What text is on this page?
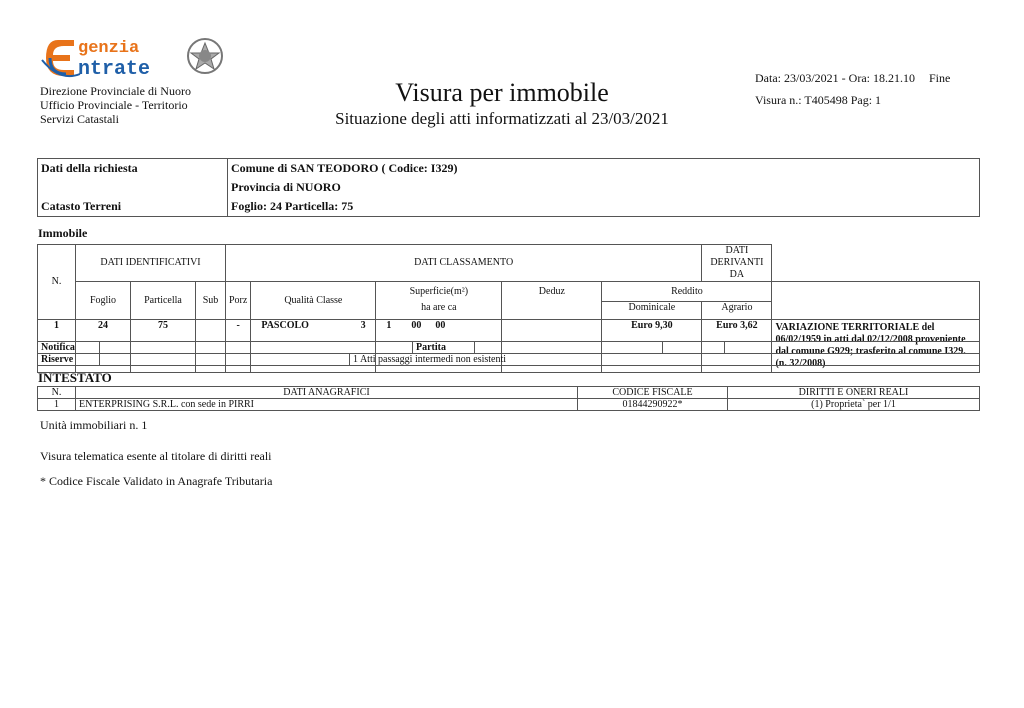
genzia
ntrate
Direzione Provinciale di Nuoro
Ufficio Provinciale - Territorio
Servizi Catastali
Visura per immobile
Situazione degli atti informatizzati al 23/03/2021
Data: 23/03/2021 - Ora: 18.21.10 Fine
Visura n.: T405498 Pag: 1
Dati della richiesta	Comune di SAN TEODORO ( Codice: I329)
	Provincia di NUORO
Catasto Terreni	Foglio: 24 Particella: 75
Immobile
N.	DATI IDENTIFICATIVI			DATI CLASSAMENTO						DATI DERIVANTI DA	
	Foglio	Particella	Sub	Porz	Qualità Classe		Superficie(m²)	Deduz	Reddito		
							ha are ca		Dominicale	Agrario	
1	24	75		-	PASCOLO	3	1 00 00		Euro 9,30	Euro 3,62	VARIAZIONE TERRITORIALE del 06/02/1959 in atti dal 02/12/2008 proveniente dal comune G929; trasferito al comune I329. (n. 32/2008)
Notifica			Partita			
Riserve		1 Atti passaggi intermedi non esistenti				
INTESTATO
N.	DATI ANAGRAFICI	CODICE FISCALE	DIRITTI E ONERI REALI
1	ENTERPRISING S.R.L. con sede in PIRRI	01844290922*	(1) Proprieta` per 1/1
Unità immobiliari n. 1
Visura telematica esente al titolare di diritti reali
* Codice Fiscale Validato in Anagrafe Tributaria
